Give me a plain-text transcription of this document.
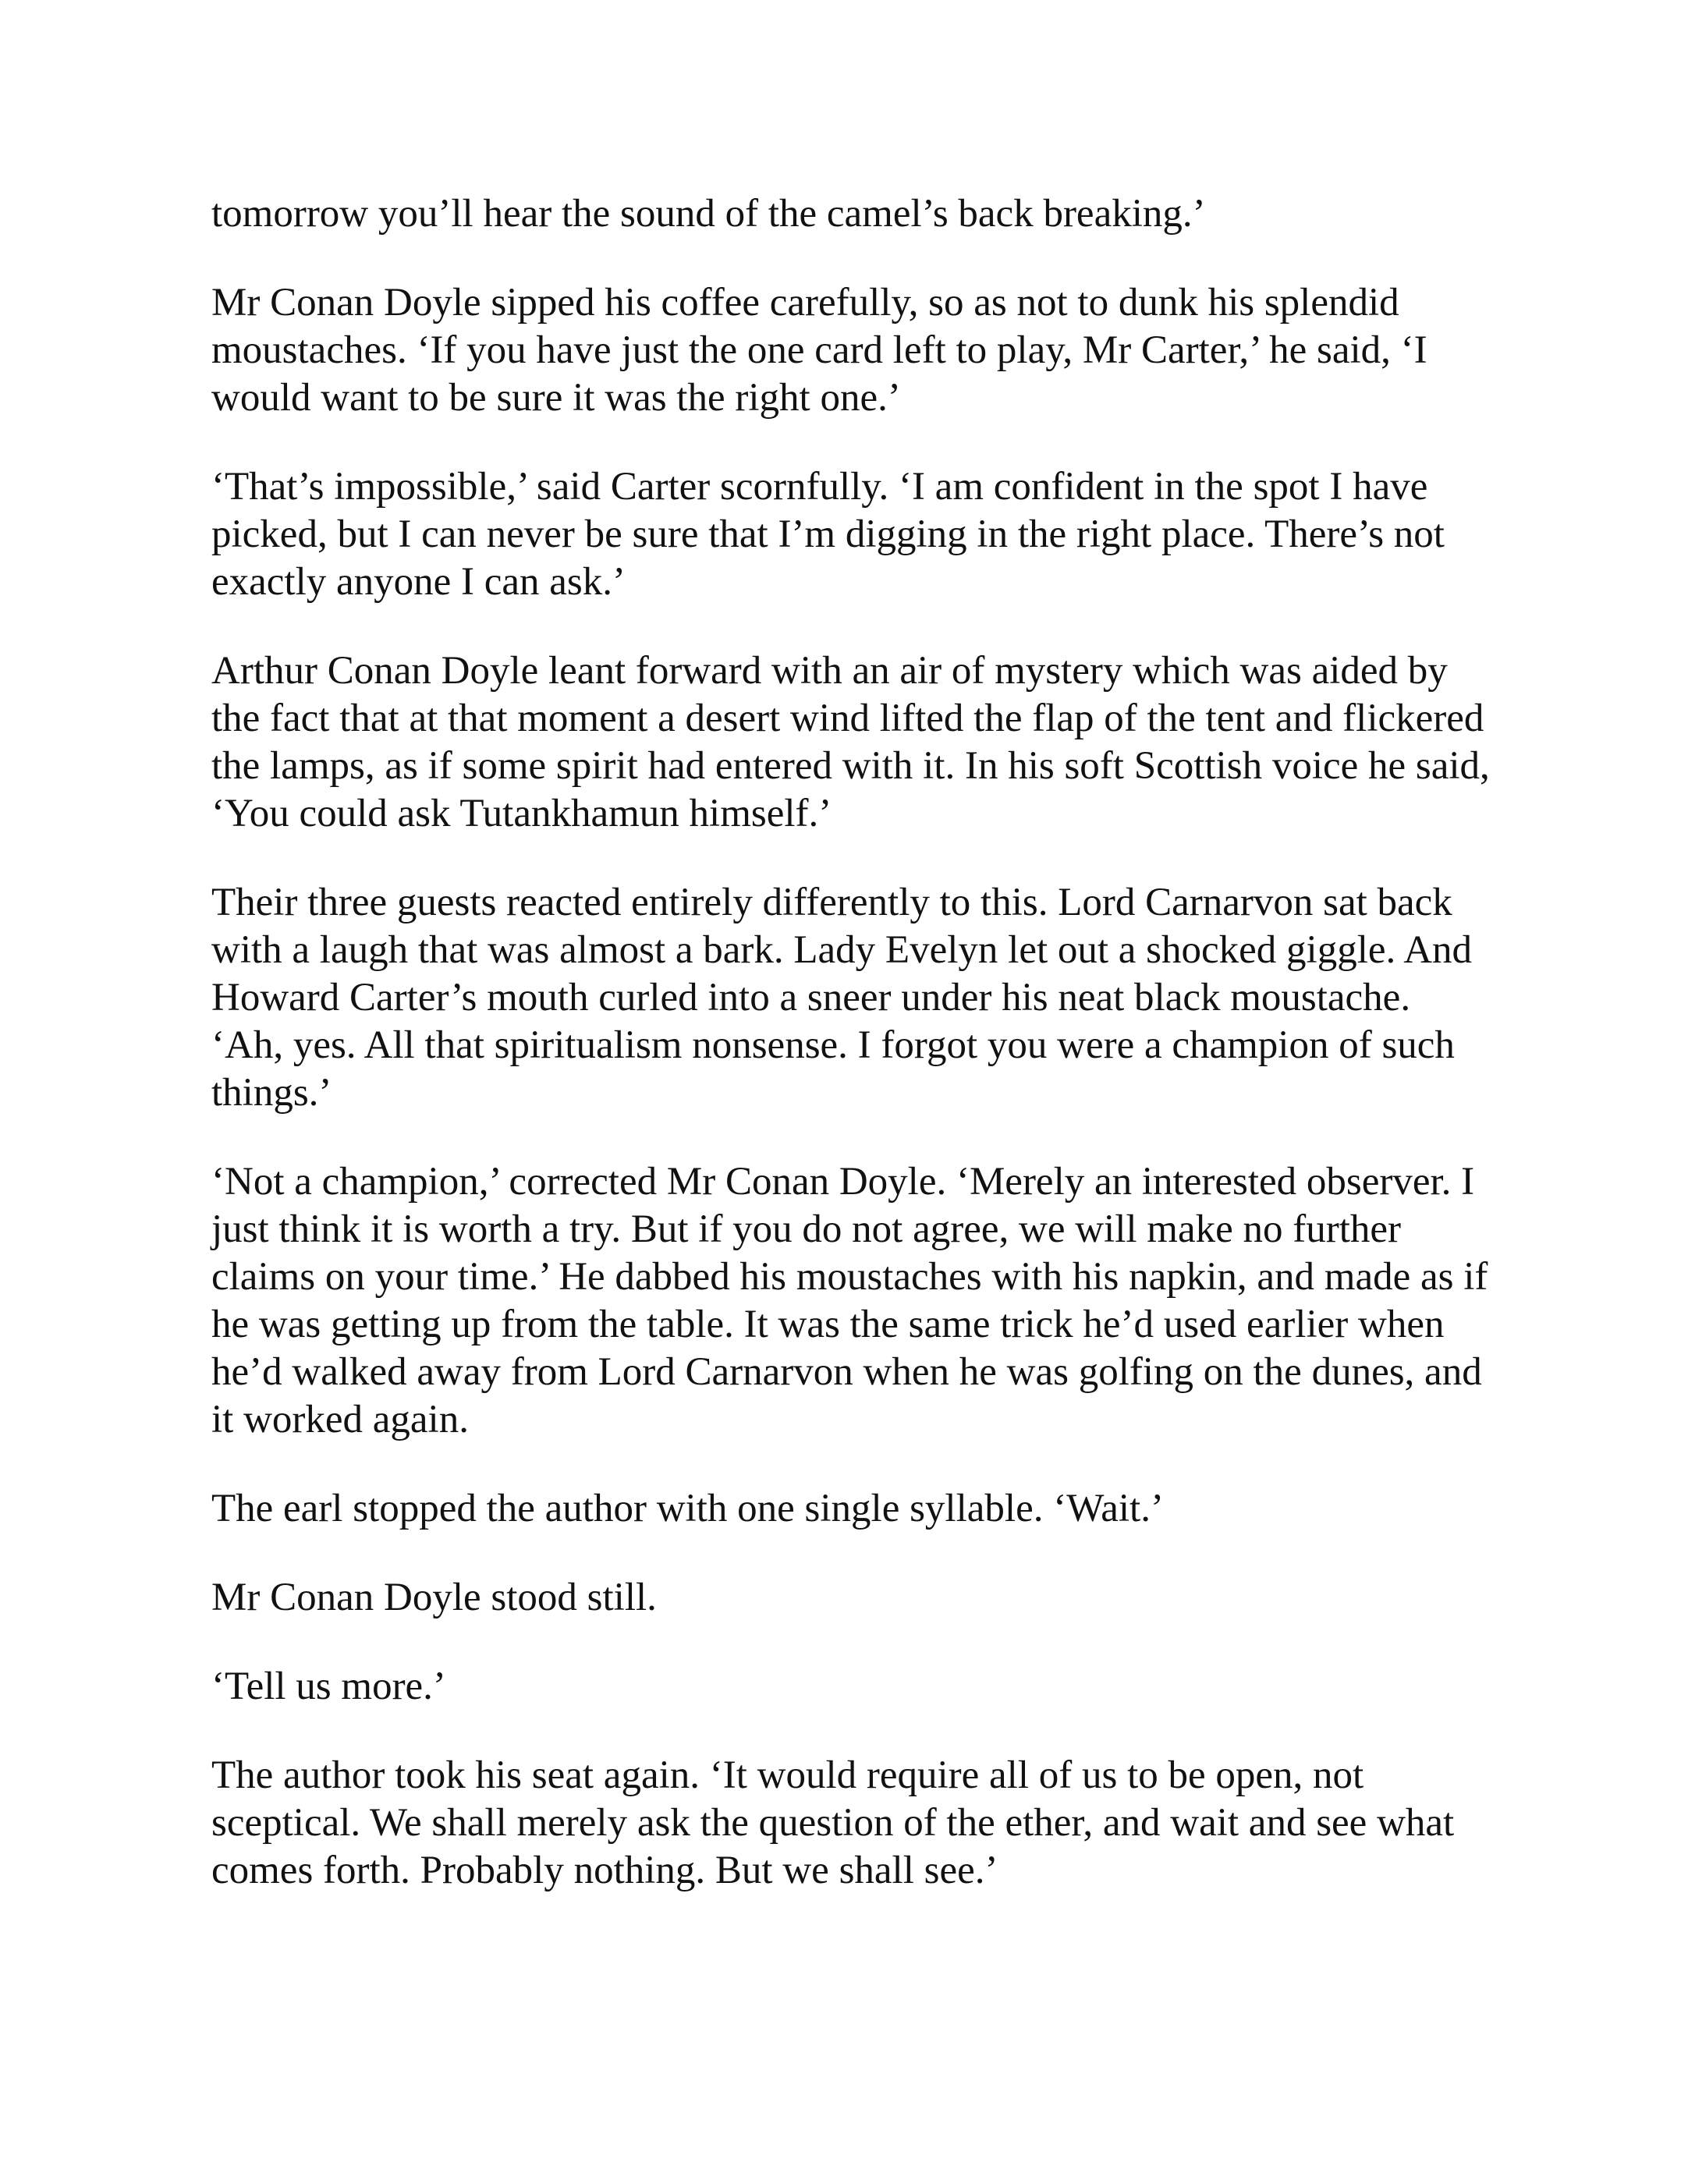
tomorrow you’ll hear the sound of the camel’s back breaking.’

Mr Conan Doyle sipped his coffee carefully, so as not to dunk his splendid moustaches. ‘If you have just the one card left to play, Mr Carter,’ he said, ‘I would want to be sure it was the right one.’

‘That’s impossible,’ said Carter scornfully. ‘I am confident in the spot I have picked, but I can never be sure that I’m digging in the right place. There’s not exactly anyone I can ask.’

Arthur Conan Doyle leant forward with an air of mystery which was aided by the fact that at that moment a desert wind lifted the flap of the tent and flickered the lamps, as if some spirit had entered with it. In his soft Scottish voice he said, ‘You could ask Tutankhamun himself.’

Their three guests reacted entirely differently to this. Lord Carnarvon sat back with a laugh that was almost a bark. Lady Evelyn let out a shocked giggle. And Howard Carter’s mouth curled into a sneer under his neat black moustache. ‘Ah, yes. All that spiritualism nonsense. I forgot you were a champion of such things.’

‘Not a champion,’ corrected Mr Conan Doyle. ‘Merely an interested observer. I just think it is worth a try. But if you do not agree, we will make no further claims on your time.’ He dabbed his moustaches with his napkin, and made as if he was getting up from the table. It was the same trick he’d used earlier when he’d walked away from Lord Carnarvon when he was golfing on the dunes, and it worked again.

The earl stopped the author with one single syllable. ‘Wait.’

Mr Conan Doyle stood still.

‘Tell us more.’

The author took his seat again. ‘It would require all of us to be open, not sceptical. We shall merely ask the question of the ether, and wait and see what comes forth. Probably nothing. But we shall see.’
